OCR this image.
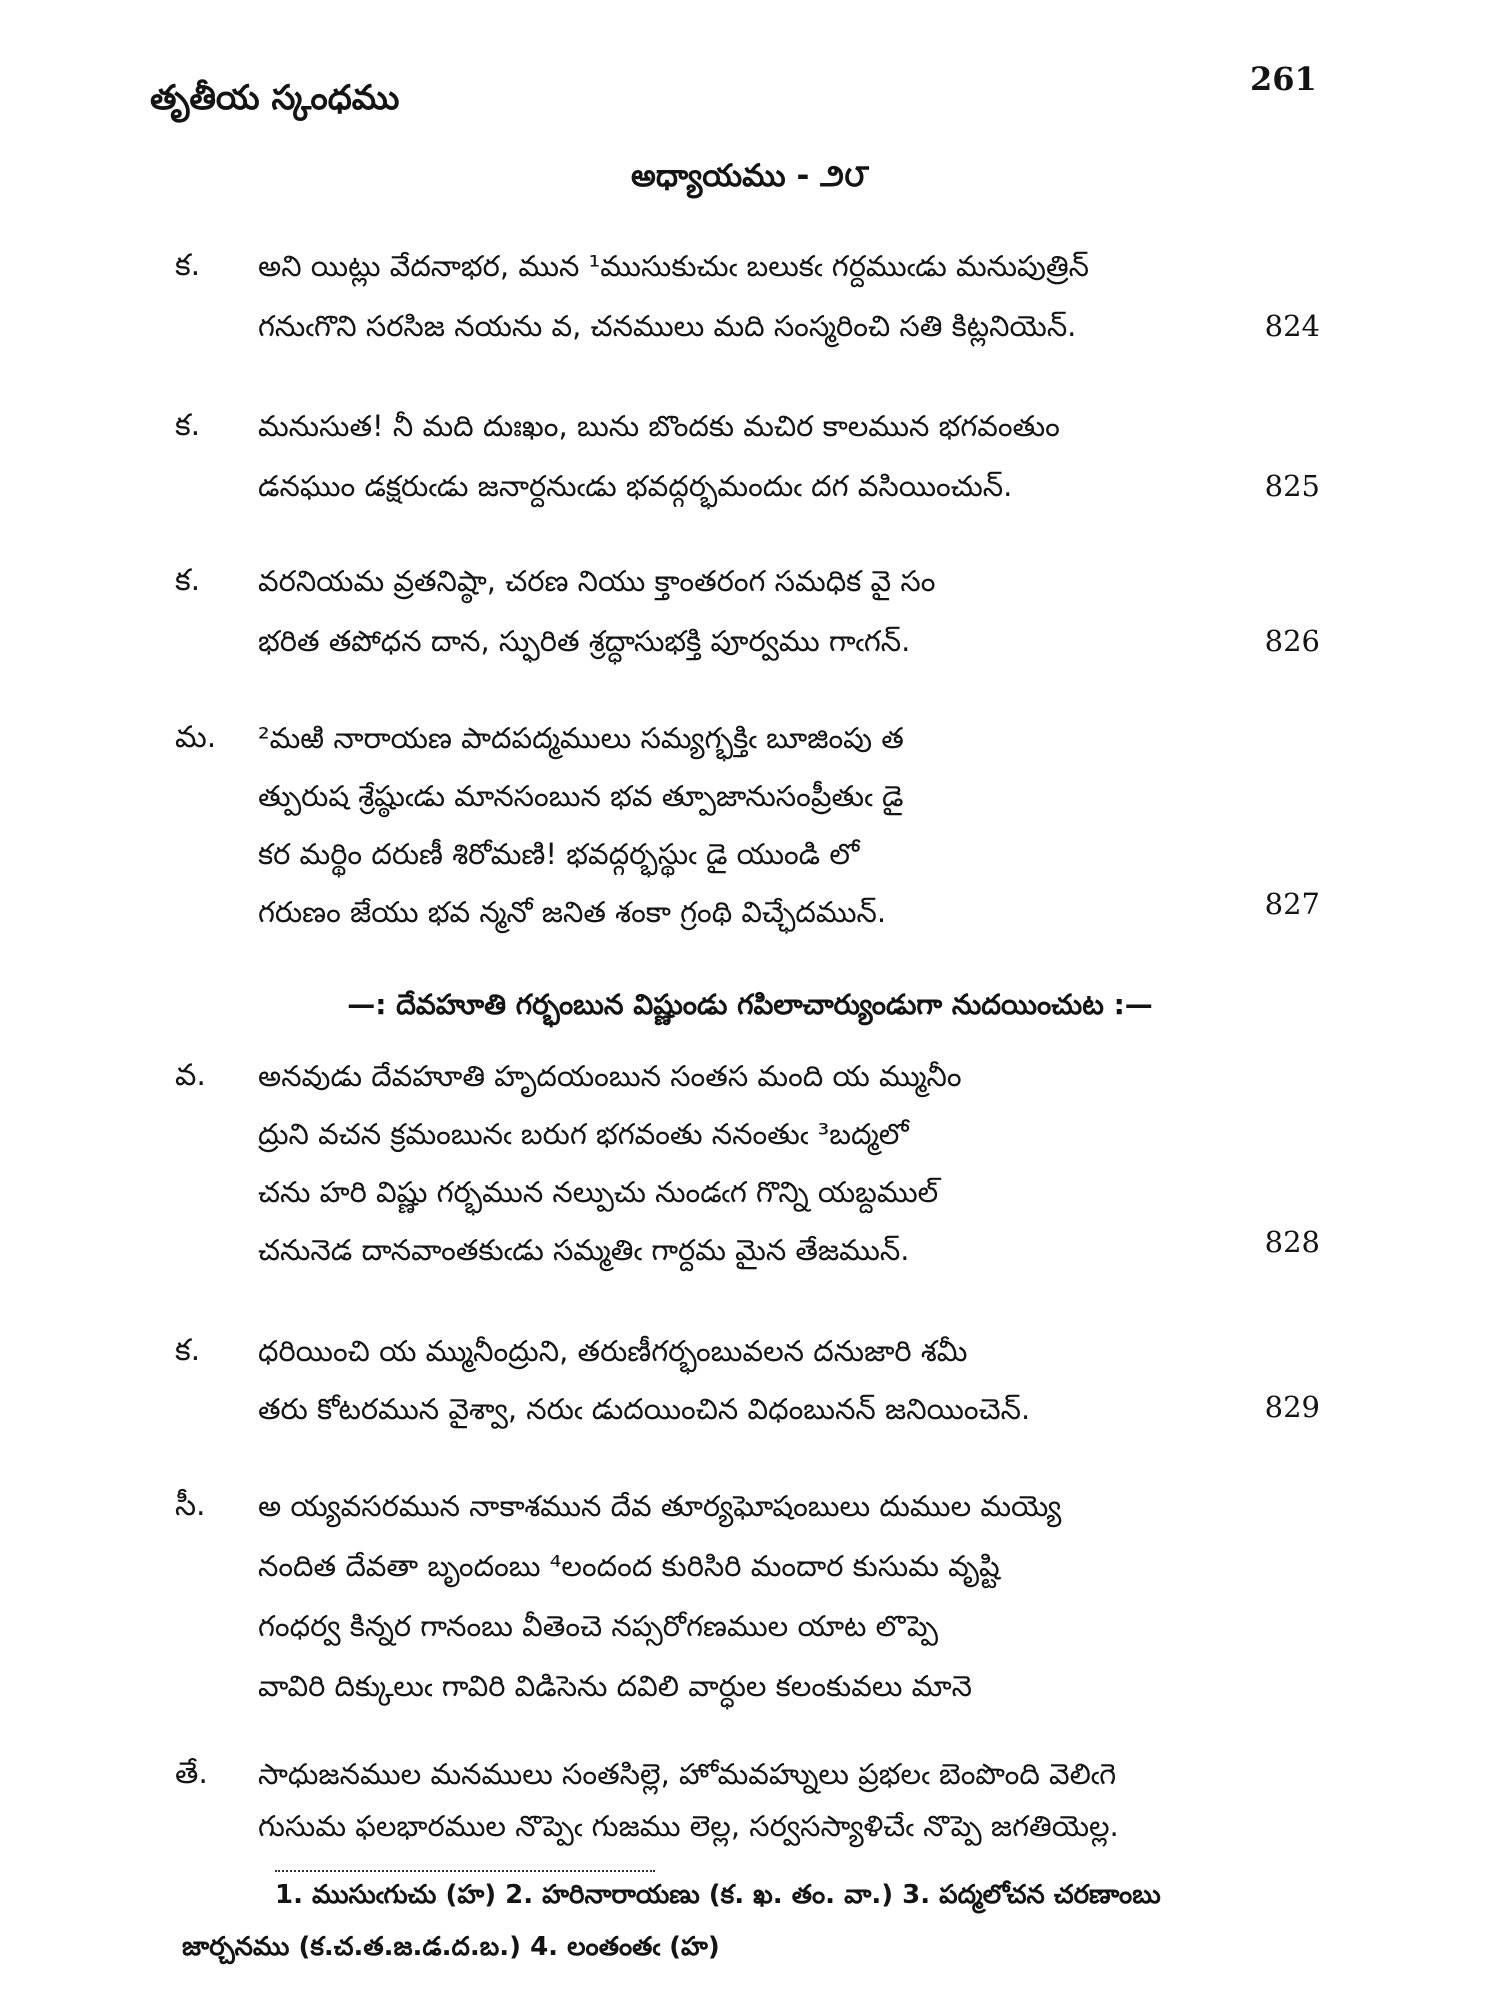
తృతీయ స్కంధము	261
అధ్యాయము - ౨౮
క.	అని యిట్లు వేదనాభర, మున ¹ముసుకుచుఁ బలుకఁ గర్దముఁడు మనుపుత్రిన్
గనుఁగొని సరసిజ నయను వ, చనములు మది సంస్మరించి సతి కిట్లనియెన్.	824
క.	మనుసుత! నీ మది దుఃఖం, బును బొందకు మచిర కాలమున భగవంతుం
డనఘుం డక్షరుఁడు జనార్దనుఁడు భవద్గర్భమందుఁ దగ వసియించున్.	825
క.	వరనియమ వ్రతనిష్ఠా, చరణ నియు క్తాంతరంగ సమధిక వై సం
భరిత తపోధన దాన, స్ఫురిత శ్రద్ధాసుభక్తి పూర్వము గాఁగన్.	826
మ.	²మఱి నారాయణ పాదపద్మములు సమ్యగ్భక్తిఁ బూజింపు త
త్పురుష శ్రేష్ఠుఁడు మానసంబున భవ త్పూజానుసంప్రీతుఁ డై
కర మర్థిం దరుణీ శిరోమణి! భవద్గర్భస్థుఁ డై యుండి లో
గరుణం జేయు భవ న్మనో జనిత శంకా గ్రంథి విచ్ఛేదమున్.	827
—: దేవహూతి గర్భంబున విష్ణుండు గపిలాచార్యుండుగా నుదయించుట :—
వ.	అనవుడు దేవహూతి హృదయంబున సంతస మంది య మ్మునీం
ద్రుని వచన క్రమంబునఁ బరుగ భగవంతు ననంతుఁ ³బద్మలో
చను హరి విష్ణు గర్భమున నల్పుచు నుండఁగ గొన్ని యబ్దముల్
చనునెడ దానవాంతకుఁడు సమ్మతిఁ గార్దమ మైన తేజమున్.	828
క.	ధరియించి య మ్మునీంద్రుని, తరుణీగర్భంబువలన దనుజారి శమీ
తరు కోటరమున వైశ్వా, నరుఁ డుదయించిన విధంబునన్ జనియించెన్.	829
సీ.	అ య్యవసరమున నాకాశమున దేవ తూర్యఘోషంబులు దుముల మయ్యె
నందిత దేవతా బృందంబు ⁴లందంద కురిసిరి మందార కుసుమ వృష్టి
గంధర్వ కిన్నర గానంబు వీతెంచె నప్సరోగణముల యాట లొప్పె
వావిరి దిక్కులుఁ గావిరి విడిసెను దవిలి వార్ధుల కలంకువలు మానె
తే.	సాధుజనముల మనములు సంతసిల్లె, హోమవహ్నులు ప్రభలఁ బెంపొంది వెలిఁగె
గుసుమ ఫలభారముల నొప్పెఁ గుజము లెల్ల, సర్వసస్యాళిచేఁ నొప్పె జగతియెల్ల.
1. ముసుఁగుచు (హ) 2. హరినారాయణు (క. ఖ. తం. వా.) 3. పద్మలోచన చరణాంబు
జార్చనము (క.చ.త.జ.డ.ద.బ.) 4. లంతంతఁ (హ)
